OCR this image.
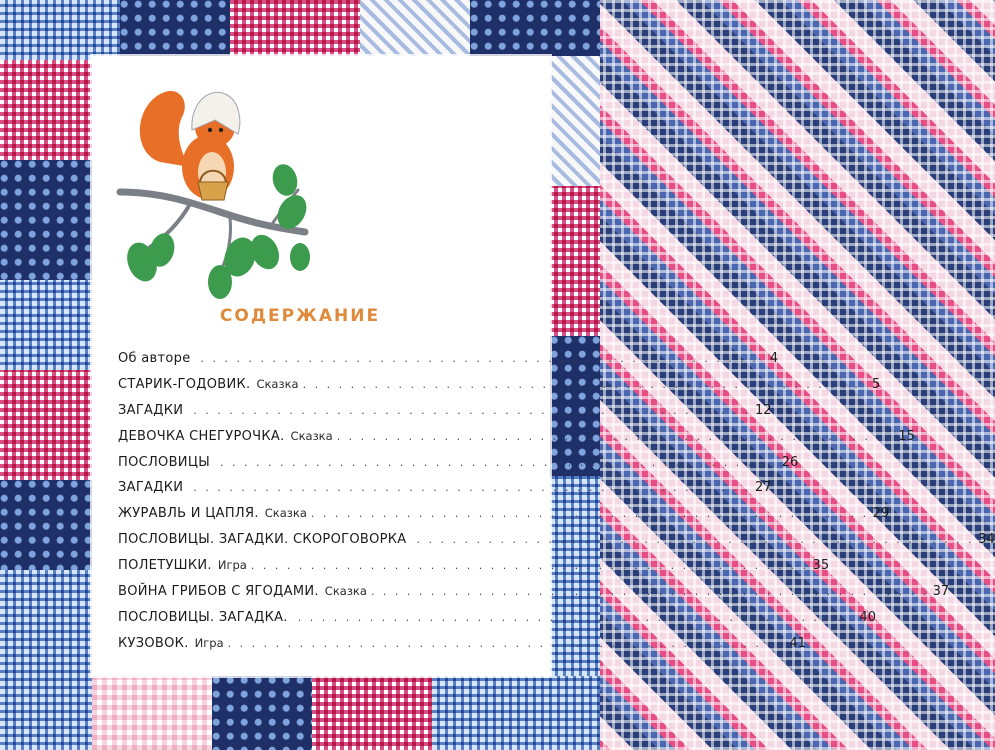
СОДЕРЖАНИЕ
Об авторе . . . . . . . . . . . . . . . . . . . . . . . . . . . . . . . . . . . . . . . . . . . . . . . 4
СТАРИК-ГОДОВИК. Сказка . . . . . . . . . . . . . . . . . . . . . . . . . . . . . . . . . . . . . . . . . . . . . . . 5
ЗАГАДКИ . . . . . . . . . . . . . . . . . . . . . . . . . . . . . . . . . . . . . . . . . . . . . . . 12
ДЕВОЧКА СНЕГУРОЧКА. Сказка . . . . . . . . . . . . . . . . . . . . . . . . . . . . . . . . . . . . . . . . . . . . . . . 15
ПОСЛОВИЦЫ . . . . . . . . . . . . . . . . . . . . . . . . . . . . . . . . . . . . . . . . . . . . . . . 26
ЗАГАДКИ . . . . . . . . . . . . . . . . . . . . . . . . . . . . . . . . . . . . . . . . . . . . . . . 27
ЖУРАВЛЬ И ЦАПЛЯ. Сказка . . . . . . . . . . . . . . . . . . . . . . . . . . . . . . . . . . . . . . . . . . . . . . . 29
ПОСЛОВИЦЫ. ЗАГАДКИ. СКОРОГОВОРКА . . . . . . . . . . . . . . . . . . . . . . . . . . . . . . . . . . . . . . . . . . . . . . . 34
ПОЛЕТУШКИ. Игра . . . . . . . . . . . . . . . . . . . . . . . . . . . . . . . . . . . . . . . . . . . . . . . 35
ВОЙНА ГРИБОВ С ЯГОДАМИ. Сказка . . . . . . . . . . . . . . . . . . . . . . . . . . . . . . . . . . . . . . . . . . . . . . . 37
ПОСЛОВИЦЫ. ЗАГАДКА. . . . . . . . . . . . . . . . . . . . . . . . . . . . . . . . . . . . . . . . . . . . . . . . 40
КУЗОВОК. Игра . . . . . . . . . . . . . . . . . . . . . . . . . . . . . . . . . . . . . . . . . . . . . . . 41
